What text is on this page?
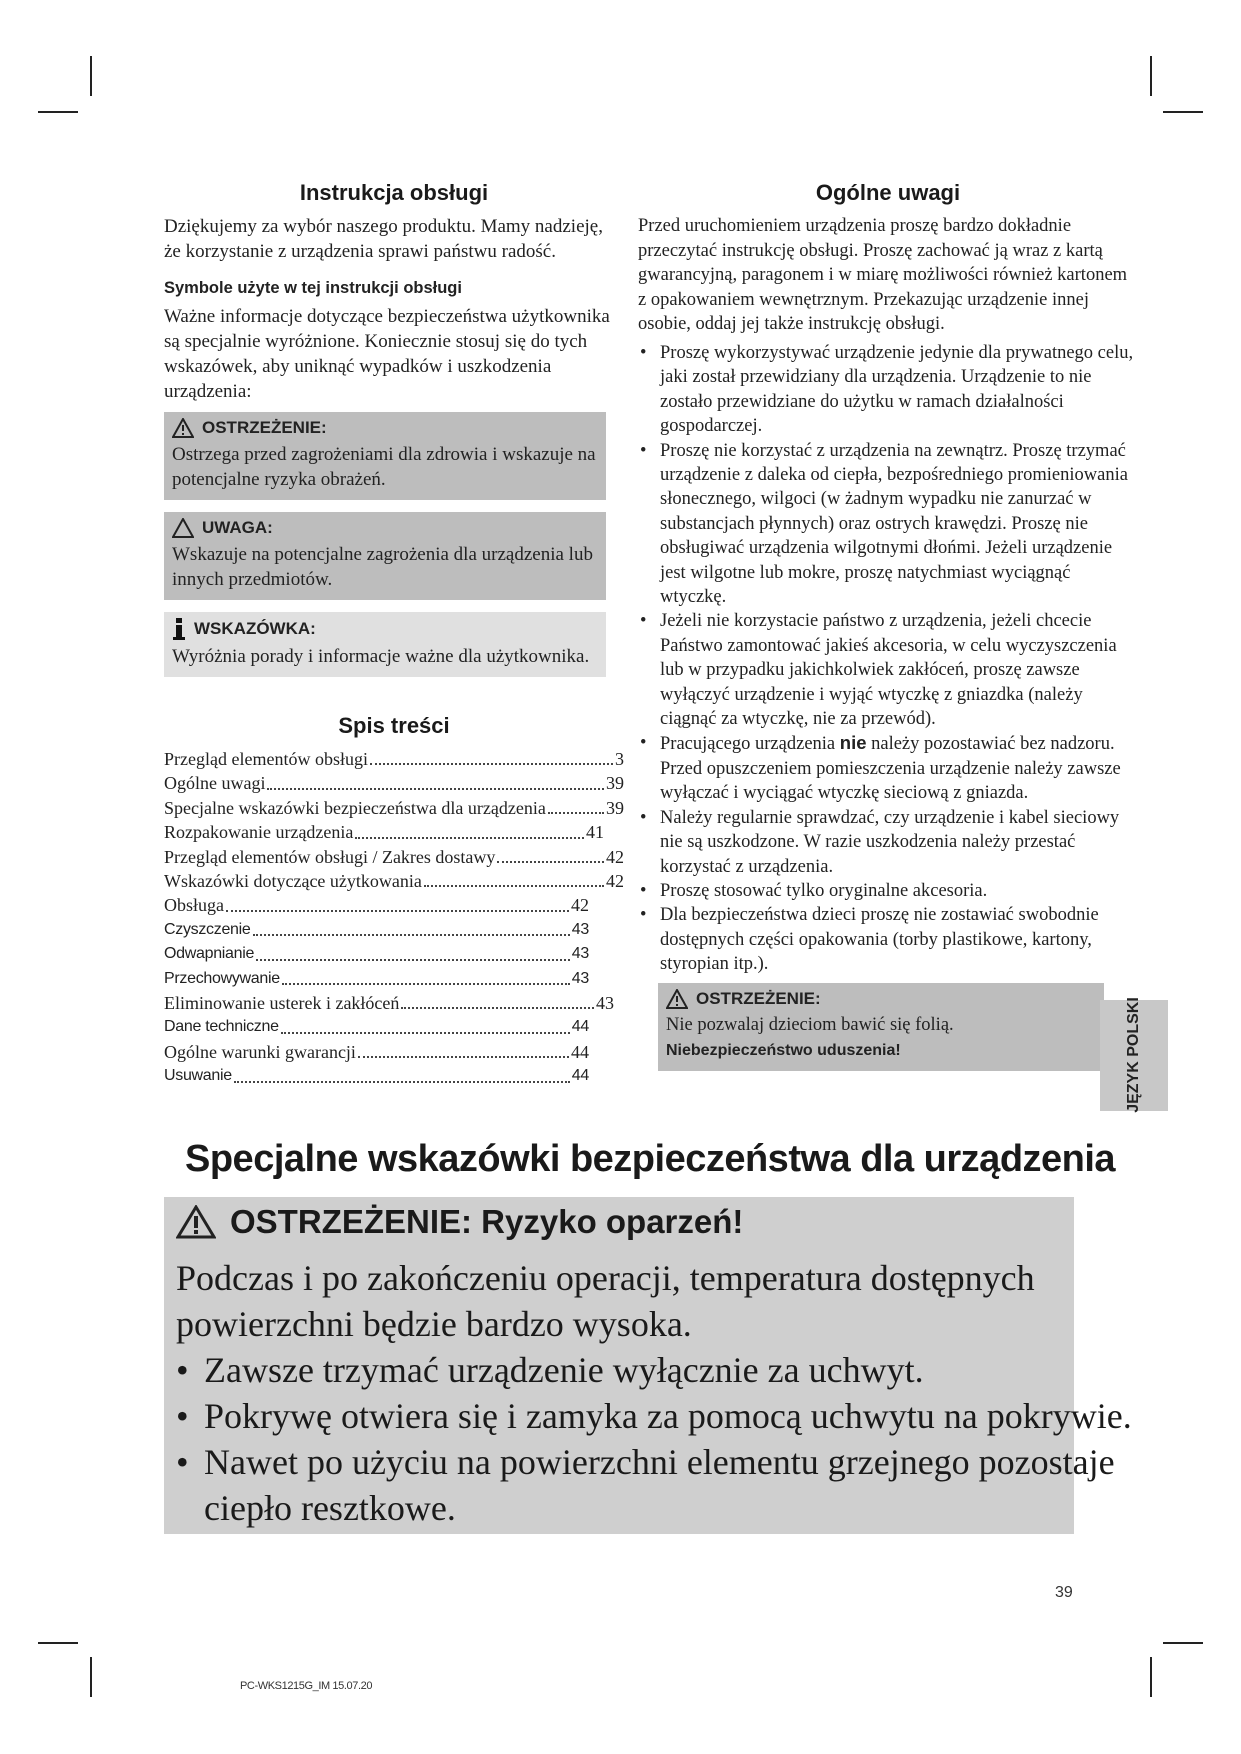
Instrukcja obsługi

Dziękujemy za wybór naszego produktu. Mamy nadzieję, że korzystanie z urządzenia sprawi państwu radość.

Symbole użyte w tej instrukcji obsługi

Ważne informacje dotyczące bezpieczeństwa użytkownika są specjalnie wyróżnione. Koniecznie stosuj się do tych wskazówek, aby uniknąć wypadków i uszkodzenia urządzenia:

OSTRZEŻENIE:

Ostrzega przed zagrożeniami dla zdrowia i wskazuje na potencjalne ryzyka obrażeń.

UWAGA:

Wskazuje na potencjalne zagrożenia dla urządzenia lub innych przedmiotów.

WSKAZÓWKA:

Wyróżnia porady i informacje ważne dla użytkownika.

Spis treści
Przegląd elementów obsługi	3
Ogólne uwagi	39
Specjalne wskazówki bezpieczeństwa dla urządzenia	39
Rozpakowanie urządzenia	41
Przegląd elementów obsługi / Zakres dostawy	42
Wskazówki dotyczące użytkowania	42
Obsługa	42
Czyszczenie	43
Odwapnianie	43
Przechowywanie	43
Eliminowanie usterek i zakłóceń	43
Dane techniczne	44
Ogólne warunki gwarancji	44
Usuwanie	44
Ogólne uwagi

Przed uruchomieniem urządzenia proszę bardzo dokładnie przeczytać instrukcję obsługi. Proszę zachować ją wraz z kartą gwarancyjną, paragonem i w miarę możliwości również kartonem z opakowaniem wewnętrznym. Przekazując urządzenie innej osobie, oddaj jej także instrukcję obsługi.

• Proszę wykorzystywać urządzenie jedynie dla prywatnego celu, jaki został przewidziany dla urządzenia. Urządzenie to nie zostało przewidziane do użytku w ramach działalności gospodarczej.
• Proszę nie korzystać z urządzenia na zewnątrz. Proszę trzymać urządzenie z daleka od ciepła, bezpośredniego promieniowania słonecznego, wilgoci (w żadnym wypadku nie zanurzać w substancjach płynnych) oraz ostrych krawędzi. Proszę nie obsługiwać urządzenia wilgotnymi dłońmi. Jeżeli urządzenie jest wilgotne lub mokre, proszę natychmiast wyciągnąć wtyczkę.
• Jeżeli nie korzystacie państwo z urządzenia, jeżeli chcecie Państwo zamontować jakieś akcesoria, w celu wyczyszczenia lub w przypadku jakichkolwiek zakłóceń, proszę zawsze wyłączyć urządzenie i wyjąć wtyczkę z gniazdka (należy ciągnąć za wtyczkę, nie za przewód).
• Pracującego urządzenia nie należy pozostawiać bez nadzoru. Przed opuszczeniem pomieszczenia urządzenie należy zawsze wyłączać i wyciągać wtyczkę sieciową z gniazda.
• Należy regularnie sprawdzać, czy urządzenie i kabel sieciowy nie są uszkodzone. W razie uszkodzenia należy przestać korzystać z urządzenia.
• Proszę stosować tylko oryginalne akcesoria.
• Dla bezpieczeństwa dzieci proszę nie zostawiać swobodnie dostępnych części opakowania (torby plastikowe, kartony, styropian itp.).
OSTRZEŻENIE:

Nie pozwalaj dzieciom bawić się folią. Niebezpieczeństwo uduszenia!	JĘZYK POLSKI
Specjalne wskazówki bezpieczeństwa dla urządzenia
OSTRZEŻENIE: Ryzyko oparzeń!

Podczas i po zakończeniu operacji, temperatura dostępnych powierzchni będzie bardzo wysoka.

• Zawsze trzymać urządzenie wyłącznie za uchwyt.
• Pokrywę otwiera się i zamyka za pomocą uchwytu na pokrywie.
• Nawet po użyciu na powierzchni elementu grzejnego pozostaje ciepło resztkowe.
39
PC-WKS1215G_IM 15.07.20
